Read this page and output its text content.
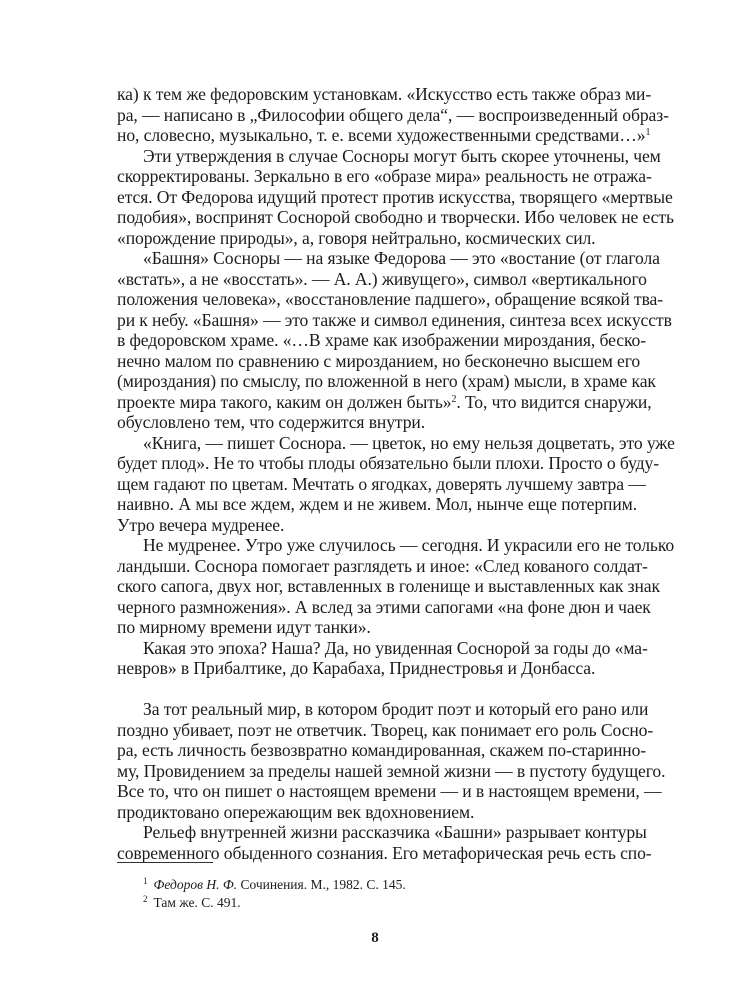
ка) к тем же федоровским установкам. «Искусство есть также образ ми-

ра, — написано в „Философии общего дела“, — воспроизведенный образ-

но, словесно, музыкально, т. е. всеми художественными средствами…»$^1$

Эти утверждения в случае Сосноры могут быть скорее уточнены, чем

скорректированы. Зеркально в его «образе мира» реальность не отража-

ется. От Федорова идущий протест против искусства, творящего «мертвые

подобия», воспринят Соснорой свободно и творчески. Ибо человек не есть

«порождение природы», а, говоря нейтрально, космических сил.

«Башня» Сосноры — на языке Федорова — это «востание (от глагола

«встать», а не «восстать». — А. А.) живущего», символ «вертикального

положения человека», «восстановление падшего», обращение всякой тва-

ри к небу. «Башня» — это также и символ единения, синтеза всех искусств

в федоровском храме. «…В храме как изображении мироздания, беско-

нечно малом по сравнению с мирозданием, но бесконечно высшем его

(мироздания) по смыслу, по вложенной в него (храм) мысли, в храме как

проекте мира такого, каким он должен быть»$^2$. То, что видится снаружи,

обусловлено тем, что содержится внутри.

«Книга, — пишет Соснора. — цветок, но ему нельзя доцветать, это уже

будет плод». Не то чтобы плоды обязательно были плохи. Просто о буду-

щем гадают по цветам. Мечтать о ягодках, доверять лучшему завтра —

наивно. А мы все ждем, ждем и не живем. Мол, нынче еще потерпим.

Утро вечера мудренее.

Не мудренее. Утро уже случилось — сегодня. И украсили его не только

ландыши. Соснора помогает разглядеть и иное: «След кованого солдат-

ского сапога, двух ног, вставленных в голенище и выставленных как знак

черного размножения». А вслед за этими сапогами «на фоне дюн и чаек

по мирному времени идут танки».

Какая это эпоха? Наша? Да, но увиденная Соснорой за годы до «ма-

невров» в Прибалтике, до Карабаха, Приднестровья и Донбасса.

За тот реальный мир, в котором бродит поэт и который его рано или

поздно убивает, поэт не ответчик. Творец, как понимает его роль Сосно-

ра, есть личность безвозвратно командированная, скажем по-старинно-

му, Провидением за пределы нашей земной жизни — в пустоту будущего.

Все то, что он пишет о настоящем времени — и в настоящем времени, —

продиктовано опережающим век вдохновением.

Рельеф внутренней жизни рассказчика «Башни» разрывает контуры

современного обыденного сознания. Его метафорическая речь есть спо-

$^1$ Федоров Н. Ф. Сочинения. М., 1982. С. 145.
$^2$ Там же. С. 491.
8
